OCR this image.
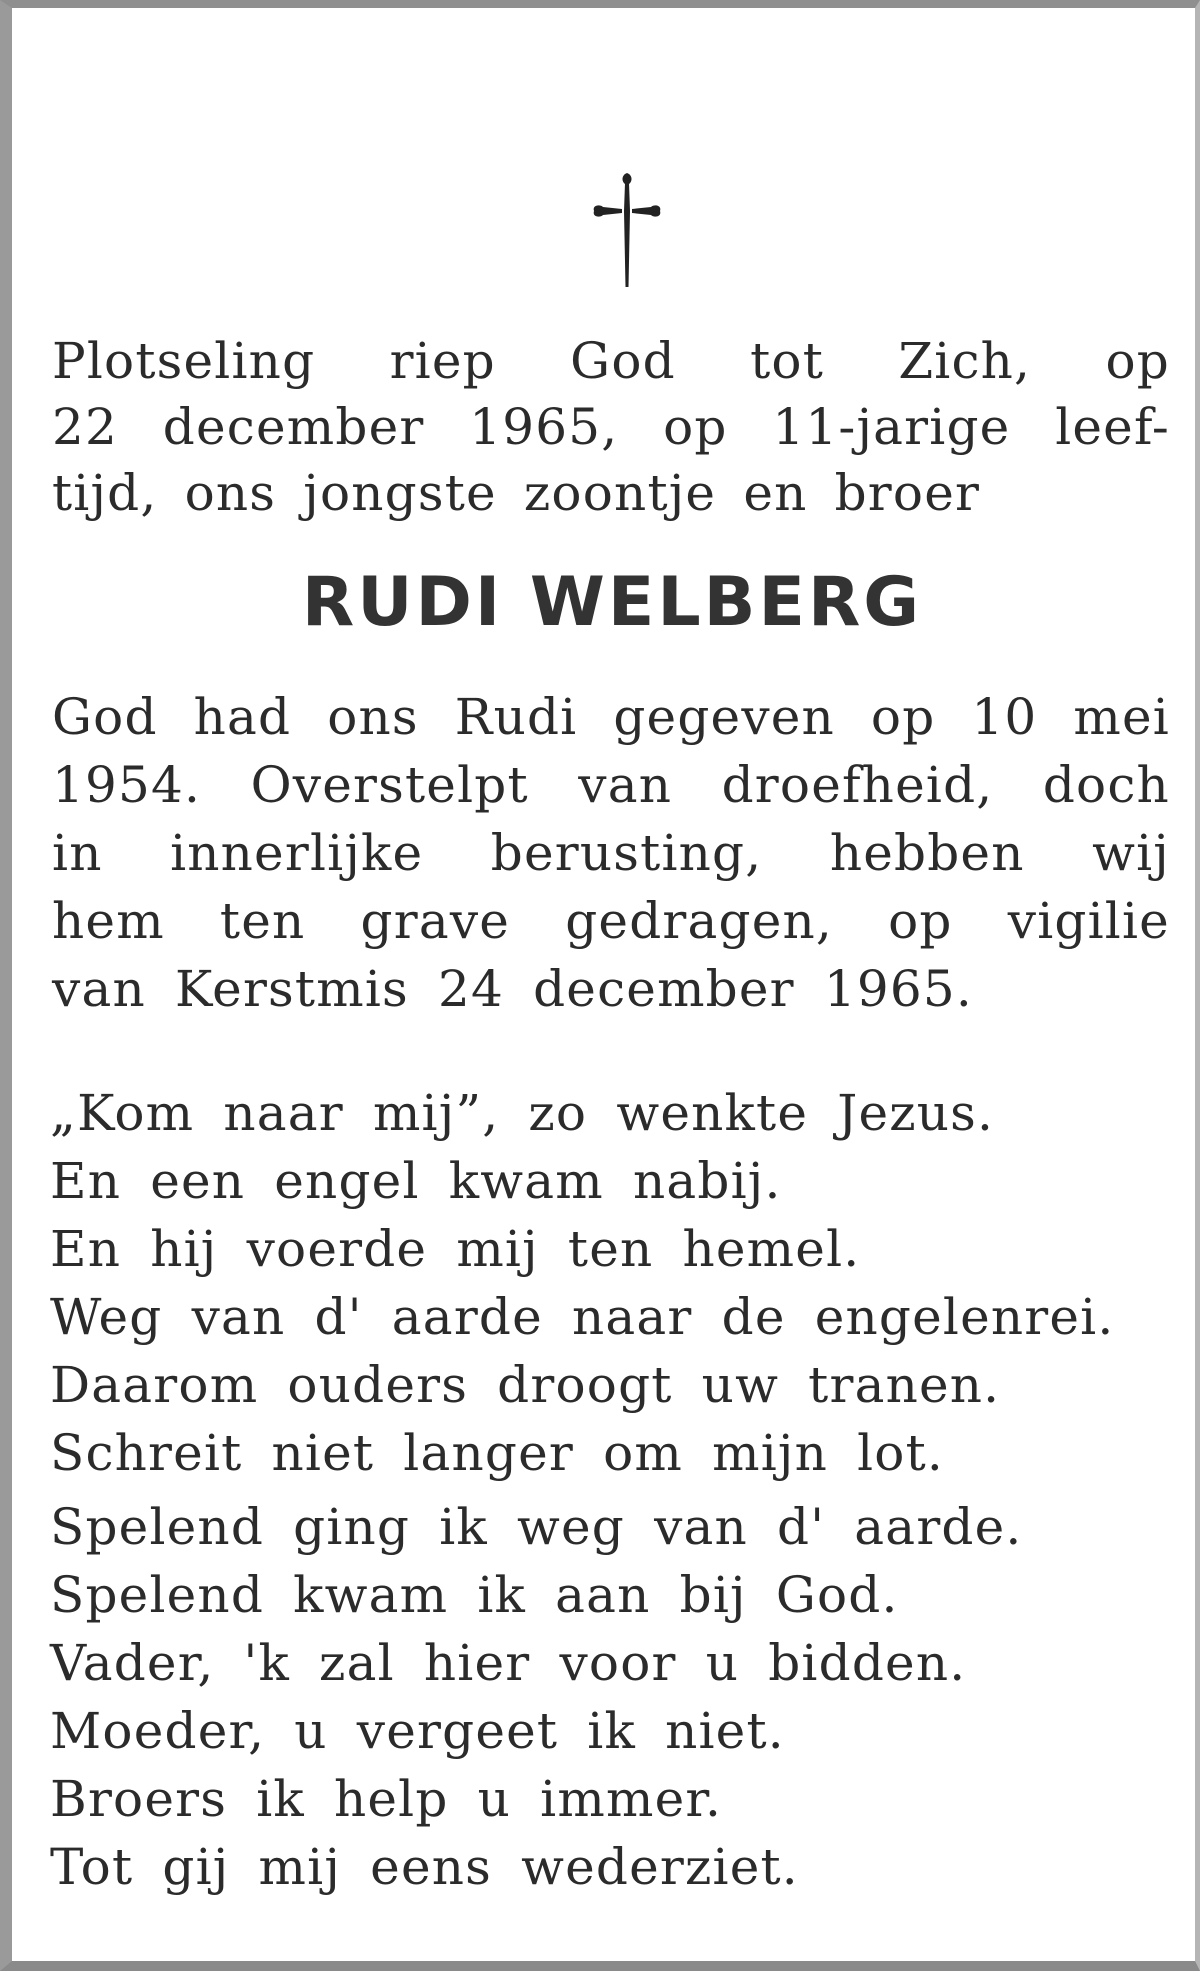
Plotseling riep God tot Zich, op
22 december 1965, op 11-jarige leef-
tijd, ons jongste zoontje en broer
RUDI WELBERG
God had ons Rudi gegeven op 10 mei
1954. Overstelpt van droefheid, doch
in innerlijke berusting, hebben wij
hem ten grave gedragen, op vigilie
van Kerstmis 24 december 1965.
„Kom naar mij”, zo wenkte Jezus.
En een engel kwam nabij.
En hij voerde mij ten hemel.
Weg van d' aarde naar de engelenrei.
Daarom ouders droogt uw tranen.
Schreit niet langer om mijn lot.
Spelend ging ik weg van d' aarde.
Spelend kwam ik aan bij God.
Vader, 'k zal hier voor u bidden.
Moeder, u vergeet ik niet.
Broers ik help u immer.
Tot gij mij eens wederziet.
